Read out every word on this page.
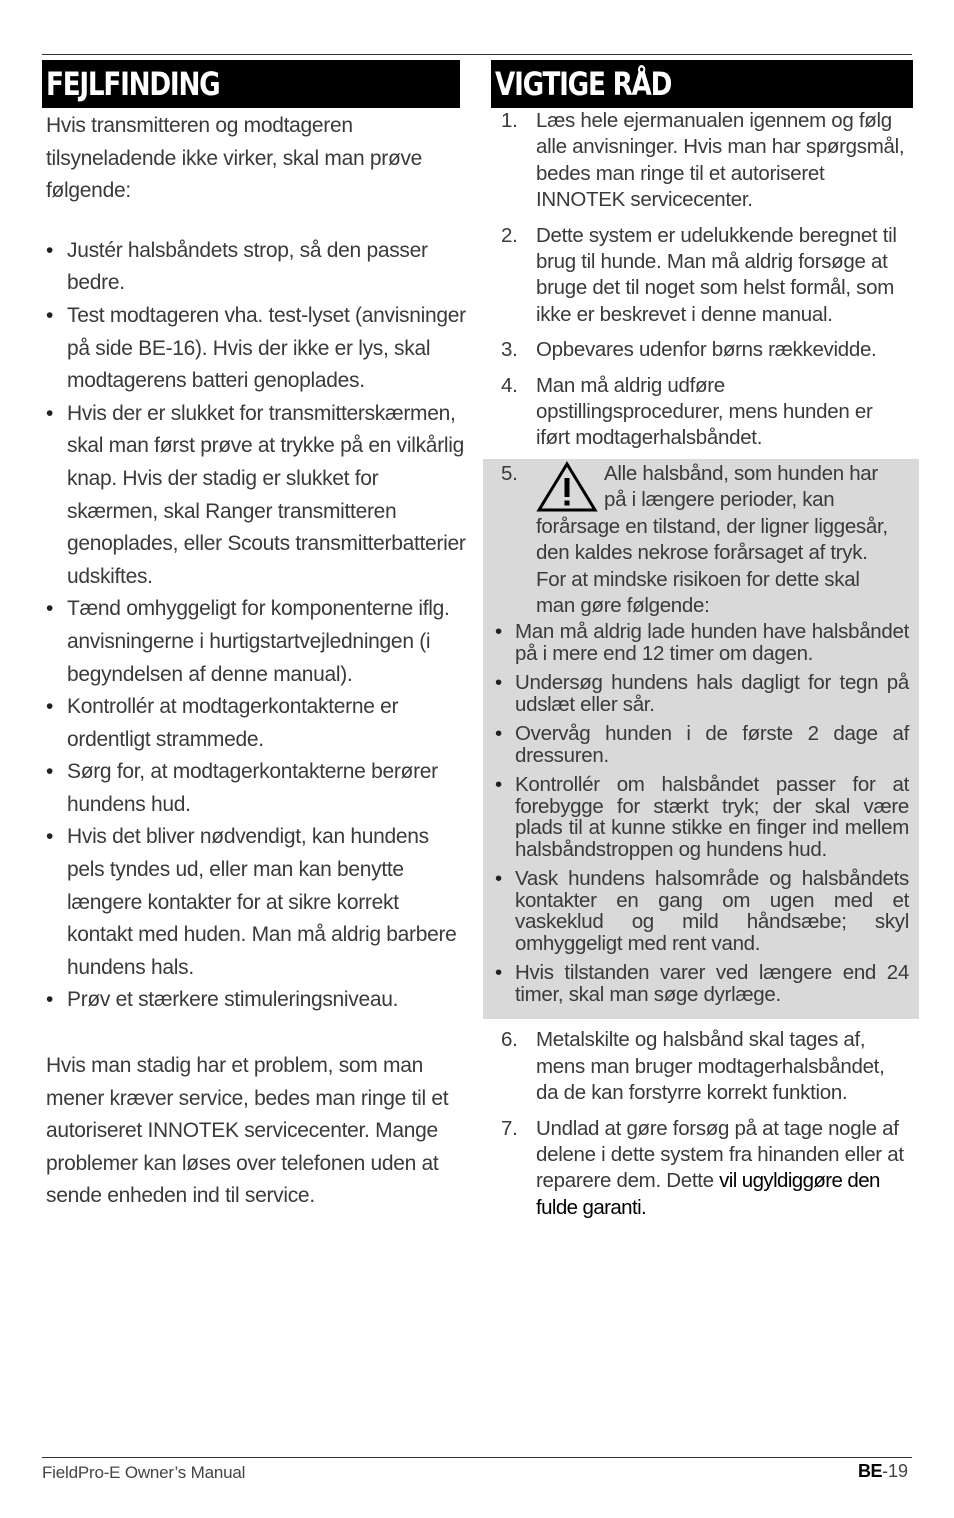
FEJLFINDING	VIGTIGE RÅD

Hvis transmitteren og modtageren tilsyneladende ikke virker, skal man prøve følgende:

• Justér halsbåndets strop, så den passer bedre.
• Test modtageren vha. test-lyset (anvisninger på side BE-16). Hvis der ikke er lys, skal modtagerens batteri genoplades.
• Hvis der er slukket for transmitterskærmen, skal man først prøve at trykke på en vilkårlig knap. Hvis der stadig er slukket for skærmen, skal Ranger transmitteren genoplades, eller Scouts transmitterbatterier udskiftes.
• Tænd omhyggeligt for komponenterne iflg. anvisningerne i hurtigstartvejledningen (i begyndelsen af denne manual).
• Kontrollér at modtagerkontakterne er ordentligt strammede.
• Sørg for, at modtagerkontakterne berører hundens hud.
• Hvis det bliver nødvendigt, kan hundens pels tyndes ud, eller man kan benytte længere kontakter for at sikre korrekt kontakt med huden. Man må aldrig barbere hundens hals.
• Prøv et stærkere stimuleringsniveau.

Hvis man stadig har et problem, som man mener kræver service, bedes man ringe til et autoriseret INNOTEK servicecenter. Mange problemer kan løses over telefonen uden at sende enheden ind til service.

1. Læs hele ejermanualen igennem og følg alle anvisninger. Hvis man har spørgsmål, bedes man ringe til et autoriseret INNOTEK servicecenter.
2. Dette system er udelukkende beregnet til brug til hunde. Man må aldrig forsøge at bruge det til noget som helst formål, som ikke er beskrevet i denne manual.
3. Opbevares udenfor børns rækkevidde.
4. Man må aldrig udføre opstillingsprocedurer, mens hunden er iført modtagerhalsbåndet.
5.	Alle halsbånd, som hunden har på i længere perioder, kan forårsage en tilstand, der ligner liggesår, den kaldes nekrose forårsaget af tryk. For at mindske risikoen for dette skal man gøre følgende:
• Man må aldrig lade hunden have halsbåndet på i mere end 12 timer om dagen.
• Undersøg hundens hals dagligt for tegn på udslæt eller sår.
• Overvåg hunden i de første 2 dage af dressuren.
• Kontrollér om halsbåndet passer for at forebygge for stærkt tryk; der skal være plads til at kunne stikke en finger ind mellem halsbåndstroppen og hundens hud.
• Vask hundens halsområde og halsbåndets kontakter en gang om ugen med et vaskeklud og mild håndsæbe; skyl omhyggeligt med rent vand.
• Hvis tilstanden varer ved længere end 24 timer, skal man søge dyrlæge.
6. Metalskilte og halsbånd skal tages af, mens man bruger modtagerhalsbåndet, da de kan forstyrre korrekt funktion.
7. Undlad at gøre forsøg på at tage nogle af delene i dette system fra hinanden eller at reparere dem. Dette vil ugyldiggøre den fulde garanti.
FieldPro-E Owner’s Manual	BE-19
